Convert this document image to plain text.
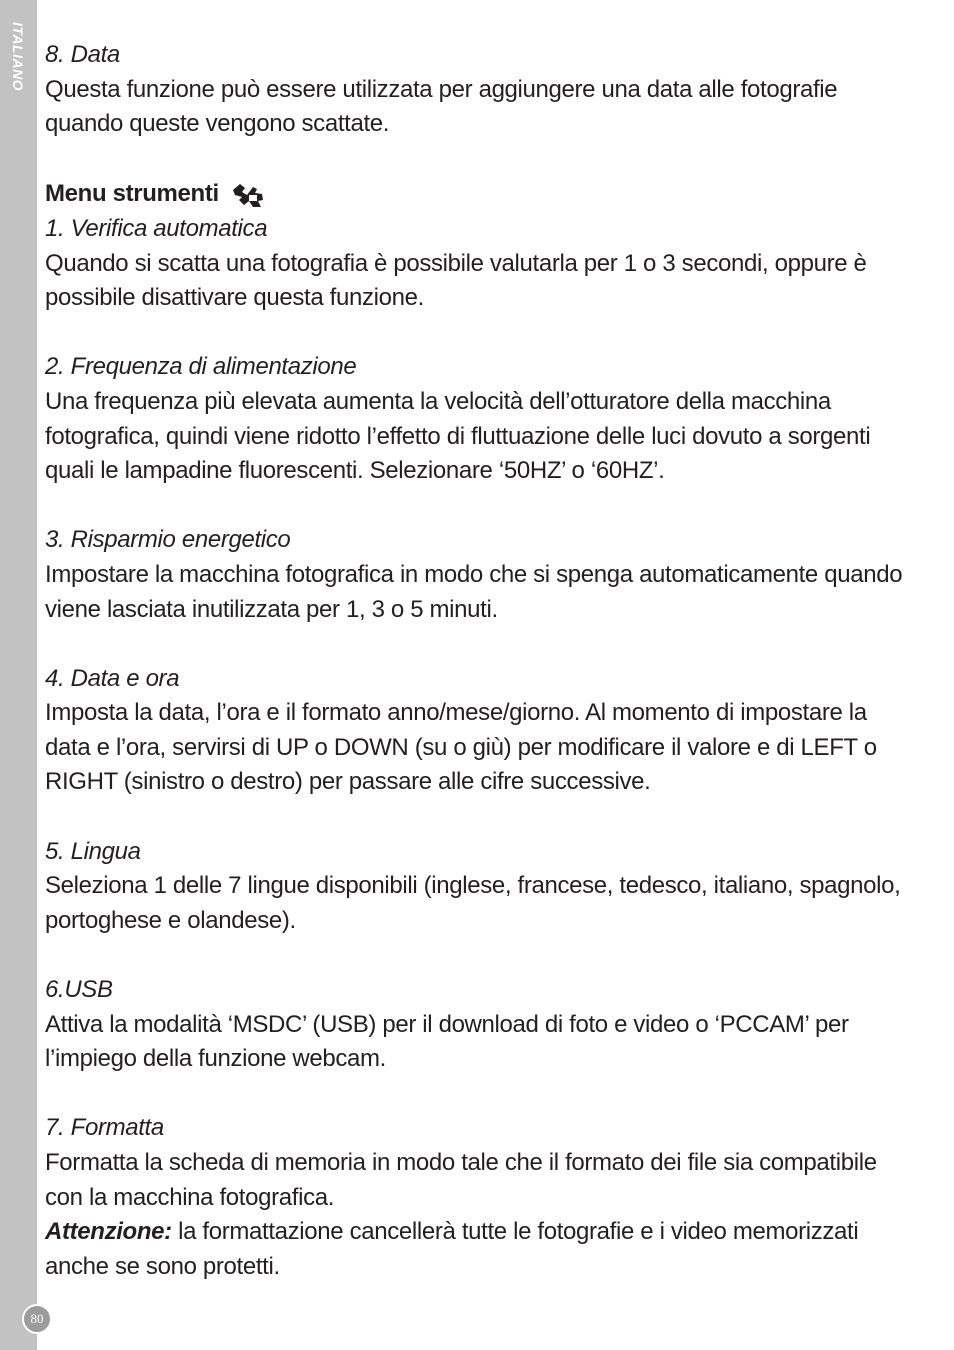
ITALIANO
80

8. Data

Questa funzione può essere utilizzata per aggiungere una data alle fotografie

quando queste vengono scattate.

Menu strumenti

1. Verifica automatica

Quando si scatta una fotografia è possibile valutarla per 1 o 3 secondi, oppure è

possibile disattivare questa funzione.

2. Frequenza di alimentazione

Una frequenza più elevata aumenta la velocità dell’otturatore della macchina

fotografica, quindi viene ridotto l’effetto di fluttuazione delle luci dovuto a sorgenti

quali le lampadine fluorescenti. Selezionare ‘50HZ’ o ‘60HZ’.

3. Risparmio energetico

Impostare la macchina fotografica in modo che si spenga automaticamente quando

viene lasciata inutilizzata per 1, 3 o 5 minuti.

4. Data e ora

Imposta la data, l’ora e il formato anno/mese/giorno. Al momento di impostare la

data e l’ora, servirsi di UP o DOWN (su o giù) per modificare il valore e di LEFT o

RIGHT (sinistro o destro) per passare alle cifre successive.

5. Lingua

Seleziona 1 delle 7 lingue disponibili (inglese, francese, tedesco, italiano, spagnolo,

portoghese e olandese).

6.USB

Attiva la modalità ‘MSDC’ (USB) per il download di foto e video o ‘PCCAM’ per

l’impiego della funzione webcam.

7. Formatta

Formatta la scheda di memoria in modo tale che il formato dei file sia compatibile

con la macchina fotografica.

Attenzione: la formattazione cancellerà tutte le fotografie e i video memorizzati

anche se sono protetti.
